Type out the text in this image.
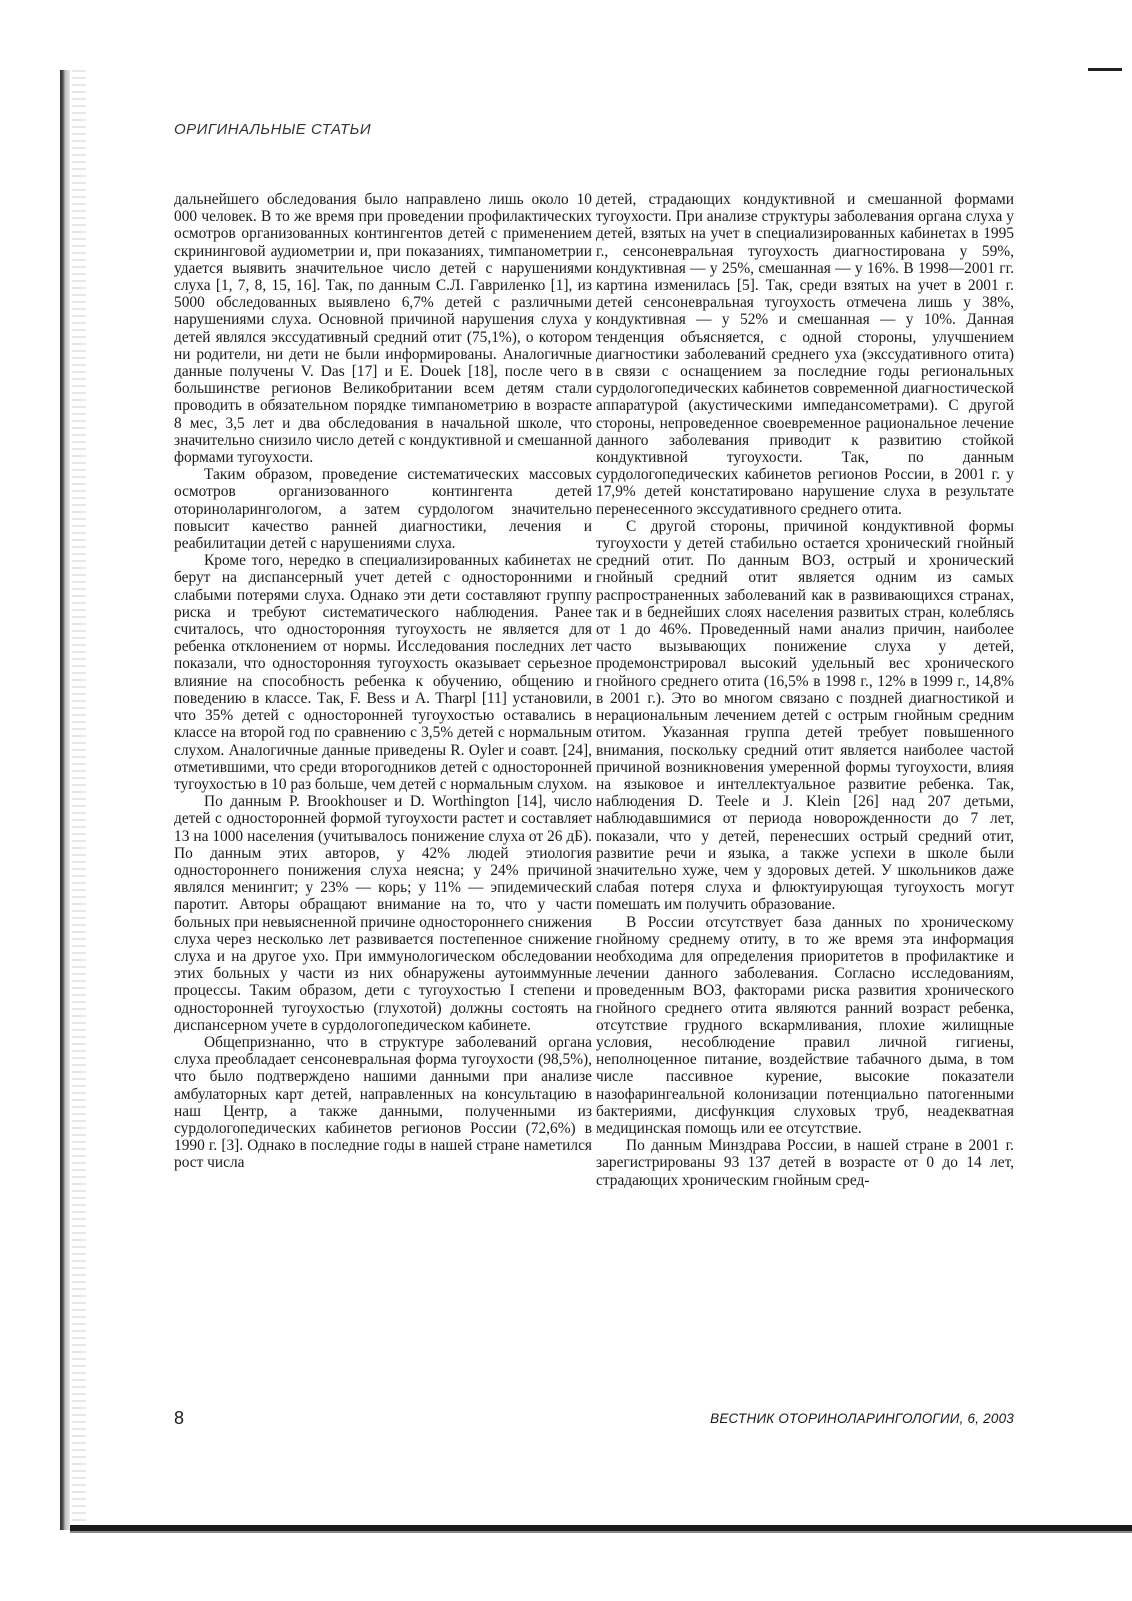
ОРИГИНАЛЬНЫЕ СТАТЬИ

дальнейшего обследования было направлено лишь около 10 000 человек. В то же время при проведении профилактических осмотров организованных контингентов детей с применением скрининговой аудиометрии и, при показаниях, тимпанометрии удается выявить значительное число детей с нарушениями слуха [1, 7, 8, 15, 16]. Так, по данным С.Л. Гавриленко [1], из 5000 обследованных выявлено 6,7% детей с различными нарушениями слуха. Основной причиной нарушения слуха у детей являлся экссудативный средний отит (75,1%), о котором ни родители, ни дети не были информированы. Аналогичные данные получены V. Das [17] и E. Douek [18], после чего в большинстве регионов Великобритании всем детям стали проводить в обязательном порядке тимпанометрию в возрасте 8 мес, 3,5 лет и два обследования в начальной школе, что значительно снизило число детей с кондуктивной и смешанной формами тугоухости.

Таким образом, проведение систематических массовых осмотров организованного контингента детей оториноларингологом, а затем сурдологом значительно повысит качество ранней диагностики, лечения и реабилитации детей с нарушениями слуха.

Кроме того, нередко в специализированных кабинетах не берут на диспансерный учет детей с односторонними и слабыми потерями слуха. Однако эти дети составляют группу риска и требуют систематического наблюдения. Ранее считалось, что односторонняя тугоухость не является для ребенка отклонением от нормы. Исследования последних лет показали, что односторонняя тугоухость оказывает серьезное влияние на способность ребенка к обучению, общению и поведению в классе. Так, F. Bess и A. Tharpl [11] установили, что 35% детей с односторонней тугоухостью оставались в классе на второй год по сравнению с 3,5% детей с нормальным слухом. Аналогичные данные приведены R. Oyler и соавт. [24], отметившими, что среди второгодников детей с односторонней тугоухостью в 10 раз больше, чем детей с нормальным слухом.

По данным P. Brookhouser и D. Worthington [14], число детей с односторонней формой тугоухости растет и составляет 13 на 1000 населения (учитывалось понижение слуха от 26 дБ). По данным этих авторов, у 42% людей этиология одностороннего понижения слуха неясна; у 24% причиной являлся менингит; у 23% — корь; у 11% — эпидемический паротит. Авторы обращают внимание на то, что у части больных при невыясненной причине одностороннего снижения слуха через несколько лет развивается постепенное снижение слуха и на другое ухо. При иммунологическом обследовании этих больных у части из них обнаружены аутоиммунные процессы. Таким образом, дети с тугоухостью I степени и односторонней тугоухостью (глухотой) должны состоять на диспансерном учете в сурдологопедическом кабинете.

Общепризнанно, что в структуре заболеваний органа слуха преобладает сенсоневральная форма тугоухости (98,5%), что было подтверждено нашими данными при анализе амбулаторных карт детей, направленных на консультацию в наш Центр, а также данными, полученными из сурдологопедических кабинетов регионов России (72,6%) в 1990 г. [3]. Однако в последние годы в нашей стране наметился рост числа

детей, страдающих кондуктивной и смешанной формами тугоухости. При анализе структуры заболевания органа слуха у детей, взятых на учет в специализированных кабинетах в 1995 г., сенсоневральная тугоухость диагностирована у 59%, кондуктивная — у 25%, смешанная — у 16%. В 1998—2001 гг. картина изменилась [5]. Так, среди взятых на учет в 2001 г. детей сенсоневральная тугоухость отмечена лишь у 38%, кондуктивная — у 52% и смешанная — у 10%. Данная тенденция объясняется, с одной стороны, улучшением диагностики заболеваний среднего уха (экссудативного отита) в связи с оснащением за последние годы региональных сурдологопедических кабинетов современной диагностической аппаратурой (акустическими импедансометрами). С другой стороны, непроведенное своевременное рациональное лечение данного заболевания приводит к развитию стойкой кондуктивной тугоухости. Так, по данным сурдологопедических кабинетов регионов России, в 2001 г. у 17,9% детей констатировано нарушение слуха в результате перенесенного экссудативного среднего отита.

С другой стороны, причиной кондуктивной формы тугоухости у детей стабильно остается хронический гнойный средний отит. По данным ВОЗ, острый и хронический гнойный средний отит является одним из самых распространенных заболеваний как в развивающихся странах, так и в беднейших слоях населения развитых стран, колеблясь от 1 до 46%. Проведенный нами анализ причин, наиболее часто вызывающих понижение слуха у детей, продемонстрировал высокий удельный вес хронического гнойного среднего отита (16,5% в 1998 г., 12% в 1999 г., 14,8% в 2001 г.). Это во многом связано с поздней диагностикой и нерациональным лечением детей с острым гнойным средним отитом. Указанная группа детей требует повышенного внимания, поскольку средний отит является наиболее частой причиной возникновения умеренной формы тугоухости, влияя на языковое и интеллектуальное развитие ребенка. Так, наблюдения D. Teele и J. Klein [26] над 207 детьми, наблюдавшимися от периода новорожденности до 7 лет, показали, что у детей, перенесших острый средний отит, развитие речи и языка, а также успехи в школе были значительно хуже, чем у здоровых детей. У школьников даже слабая потеря слуха и флюктуирующая тугоухость могут помешать им получить образование.

В России отсутствует база данных по хроническому гнойному среднему отиту, в то же время эта информация необходима для определения приоритетов в профилактике и лечении данного заболевания. Согласно исследованиям, проведенным ВОЗ, факторами риска развития хронического гнойного среднего отита являются ранний возраст ребенка, отсутствие грудного вскармливания, плохие жилищные условия, несоблюдение правил личной гигиены, неполноценное питание, воздействие табачного дыма, в том числе пассивное курение, высокие показатели назофарингеальной колонизации потенциально патогенными бактериями, дисфункция слуховых труб, неадекватная медицинская помощь или ее отсутствие.

По данным Минздрава России, в нашей стране в 2001 г. зарегистрированы 93 137 детей в возрасте от 0 до 14 лет, страдающих хроническим гнойным сред-

8	ВЕСТНИК ОТОРИНОЛАРИНГОЛОГИИ, 6, 2003
